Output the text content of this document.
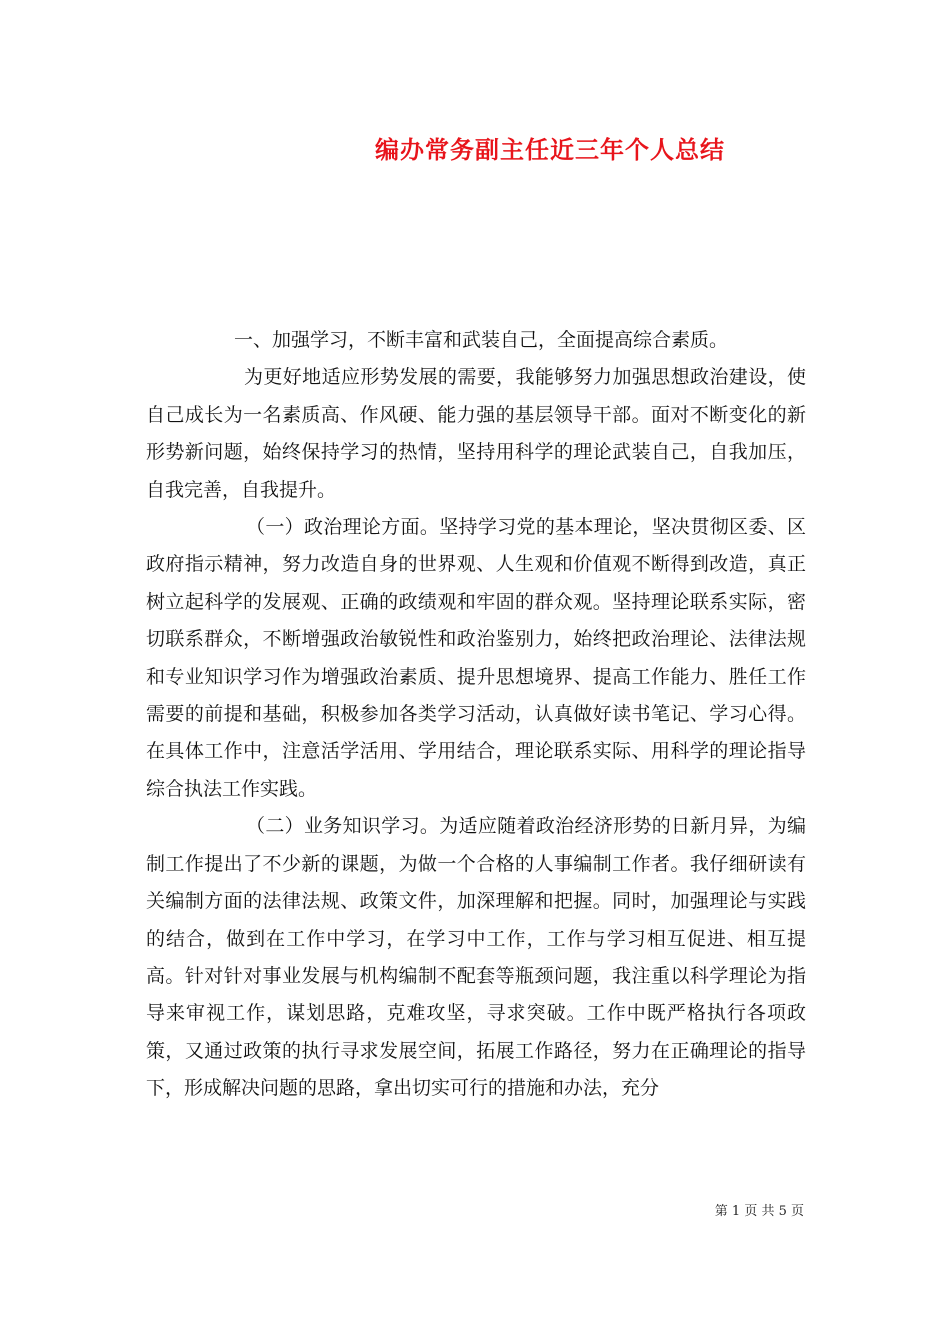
编办常务副主任近三年个人总结

一、加强学习，不断丰富和武装自己，全面提高综合素质。

为更好地适应形势发展的需要，我能够努力加强思想政治建设，使自己成长为一名素质高、作风硬、能力强的基层领导干部。面对不断变化的新形势新问题，始终保持学习的热情，坚持用科学的理论武装自己，自我加压，自我完善，自我提升。

（一）政治理论方面。坚持学习党的基本理论，坚决贯彻区委、区政府指示精神，努力改造自身的世界观、人生观和价值观不断得到改造，真正树立起科学的发展观、正确的政绩观和牢固的群众观。坚持理论联系实际，密切联系群众，不断增强政治敏锐性和政治鉴别力，始终把政治理论、法律法规和专业知识学习作为增强政治素质、提升思想境界、提高工作能力、胜任工作需要的前提和基础，积极参加各类学习活动，认真做好读书笔记、学习心得。在具体工作中，注意活学活用、学用结合，理论联系实际、用科学的理论指导综合执法工作实践。

（二）业务知识学习。为适应随着政治经济形势的日新月异，为编制工作提出了不少新的课题，为做一个合格的人事编制工作者。我仔细研读有关编制方面的法律法规、政策文件，加深理解和把握。同时，加强理论与实践的结合，做到在工作中学习，在学习中工作，工作与学习相互促进、相互提高。针对针对事业发展与机构编制不配套等瓶颈问题，我注重以科学理论为指导来审视工作，谋划思路，克难攻坚，寻求突破。工作中既严格执行各项政策，又通过政策的执行寻求发展空间，拓展工作路径，努力在正确理论的指导下，形成解决问题的思路，拿出切实可行的措施和办法，充分

第 1 页 共 5 页
